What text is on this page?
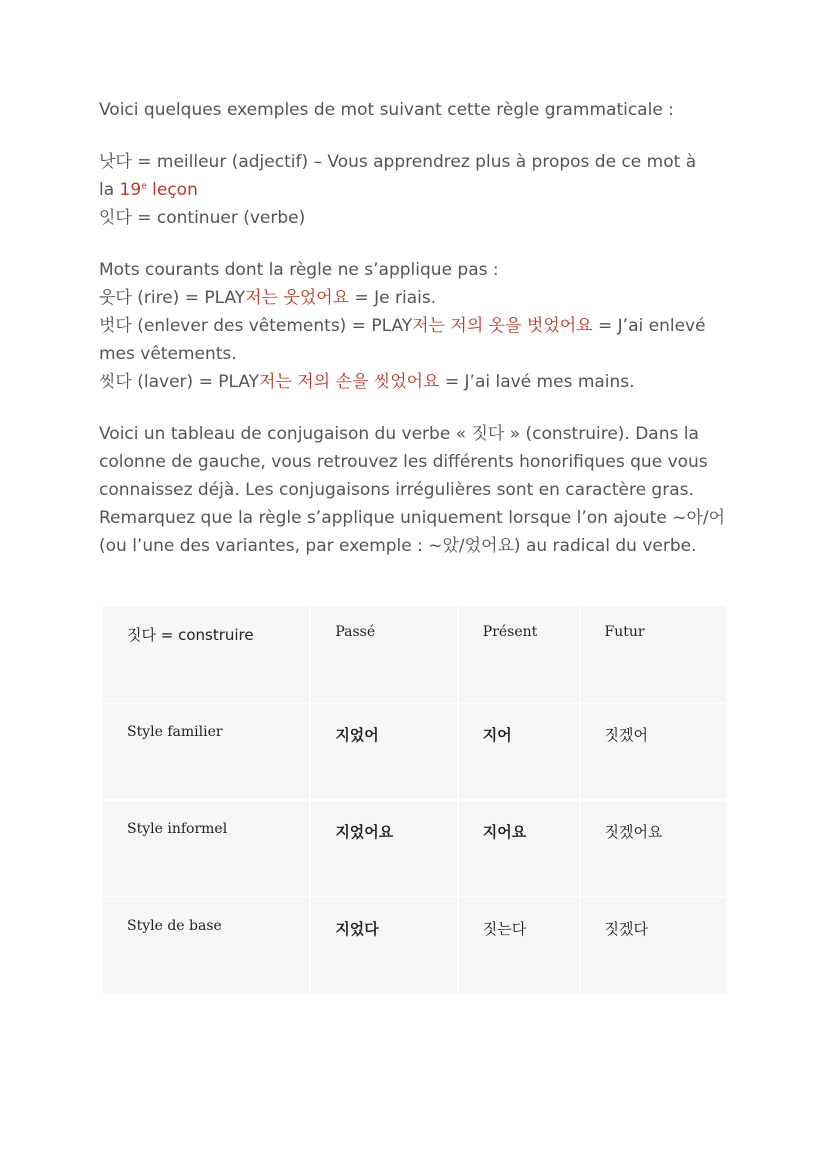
Voici quelques exemples de mot suivant cette règle grammaticale :

낫다 = meilleur (adjectif) – Vous apprendrez plus à propos de ce mot à
la 19e leçon

잇다 = continuer (verbe)

Mots courants dont la règle ne s’applique pas :

웃다 (rire) = PLAY저는 웃었어요 = Je riais.

벗다 (enlever des vêtements) = PLAY저는 저의 옷을 벗었어요 = J’ai enlevé
mes vêtements.

씻다 (laver) = PLAY저는 저의 손을 씻었어요 = J’ai lavé mes mains.

Voici un tableau de conjugaison du verbe « 짓다 » (construire). Dans la
colonne de gauche, vous retrouvez les différents honorifiques que vous
connaissez déjà. Les conjugaisons irrégulières sont en caractère gras.
Remarquez que la règle s’applique uniquement lorsque l’on ajoute ~아/어
(ou l’une des variantes, par exemple : ~았/었어요) au radical du verbe.

짓다 = construire	Passé	Présent	Futur
Style familier	지었어	지어	짓겠어
Style informel	지었어요	지어요	짓겠어요
Style de base	지었다	짓는다	짓겠다
